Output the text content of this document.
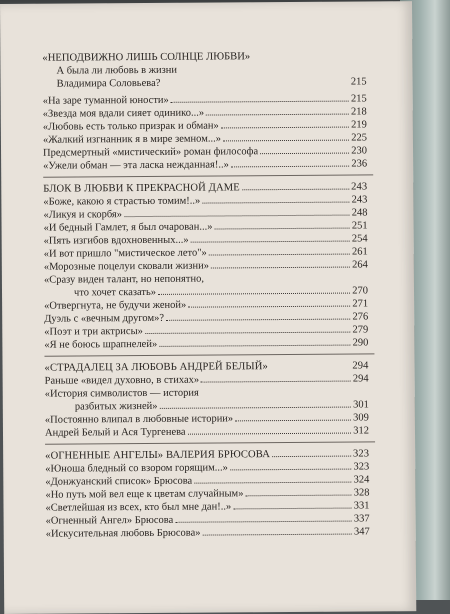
«НЕПОДВИЖНО ЛИШЬ СОЛНЦЕ ЛЮБВИ»
А была ли любовь в жизни
Владимира Соловьева?	215
«На заре туманной юности»	215
«Звезда моя вдали сияет одинико...»	218
«Любовь есть только призрак и обман»	219
«Жалкий изгнанник я в мире земном...»	225
Предсмертный «мистический» роман философа	230
«Ужели обман — эта ласка нежданная!..»	236
БЛОК В ЛЮБВИ К ПРЕКРАСНОЙ ДАМЕ	243
«Боже, какою я страстью томим!..»	243
«Ликуя и скорбя»	248
«И бедный Гамлет, я был очарован...»	251
«Пять изгибов вдохновенных...»	254
«И вот пришло "мистическое лето"»	261
«Морозные поцелуи сковали жизни»	264
«Сразу виден талант, но непонятно,
что хочет сказать»	270
«Отвергнута, не будучи женой»	271
Дуэль с «вечным другом»?	276
«Поэт и три актрисы»	279
«Я не боюсь шрапнелей»	290
«СТРАДАЛЕЦ ЗА ЛЮБОВЬ АНДРЕЙ БЕЛЫЙ»	294
Раньше «видел духовно, в стихах»	294
«История символистов — история
разбитых жизней»	301
«Постоянно влипал в любовные истории»	309
Андрей Белый и Ася Тургенева	312
«ОГНЕННЫЕ АНГЕЛЫ» ВАЛЕРИЯ БРЮСОВА	323
«Юноша бледный со взором горящим...»	323
«Донжуанский список» Брюсова	324
«Но путь мой вел еще к цветам случайным»	328
«Светлейшая из всех, кто был мне дан!..»	331
«Огненный Ангел» Брюсова	337
«Искусительная любовь Брюсова»	347
